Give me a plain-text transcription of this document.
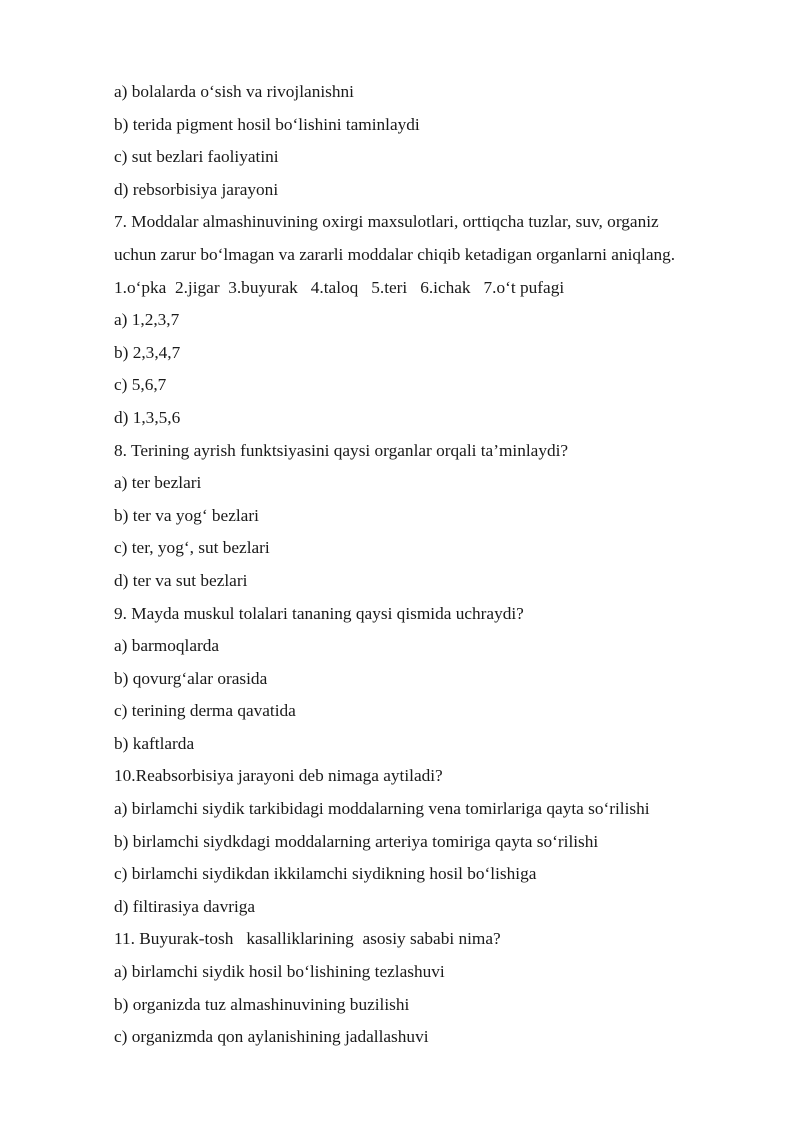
a) bolalarda o‘sish va rivojlanishni

b) terida pigment hosil bo‘lishini taminlaydi

c) sut bezlari faoliyatini

d) rebsorbisiya jarayoni

7. Moddalar almashinuvining oxirgi maxsulotlari, orttiqcha tuzlar, suv, organiz

uchun zarur bo‘lmagan va zararli moddalar chiqib ketadigan organlarni aniqlang.

1.o‘pka  2.jigar  3.buyurak   4.taloq   5.teri   6.ichak   7.o‘t pufagi

a) 1,2,3,7

b) 2,3,4,7

c) 5,6,7

d) 1,3,5,6

8. Terining ayrish funktsiyasini qaysi organlar orqali ta’minlaydi?

a) ter bezlari

b) ter va yog‘ bezlari

c) ter, yog‘, sut bezlari

d) ter va sut bezlari

9. Mayda muskul tolalari tananing qaysi qismida uchraydi?

a) barmoqlarda

b) qovurg‘alar orasida

c) terining derma qavatida

b) kaftlarda

10.Reabsorbisiya jarayoni deb nimaga aytiladi?

a) birlamchi siydik tarkibidagi moddalarning vena tomirlariga qayta so‘rilishi

b) birlamchi siydkdagi moddalarning arteriya tomiriga qayta so‘rilishi

c) birlamchi siydikdan ikkilamchi siydikning hosil bo‘lishiga

d) filtirasiya davriga

11. Buyurak-tosh   kasalliklarining  asosiy sababi nima?

a) birlamchi siydik hosil bo‘lishining tezlashuvi

b) organizda tuz almashinuvining buzilishi

c) organizmda qon aylanishining jadallashuvi
